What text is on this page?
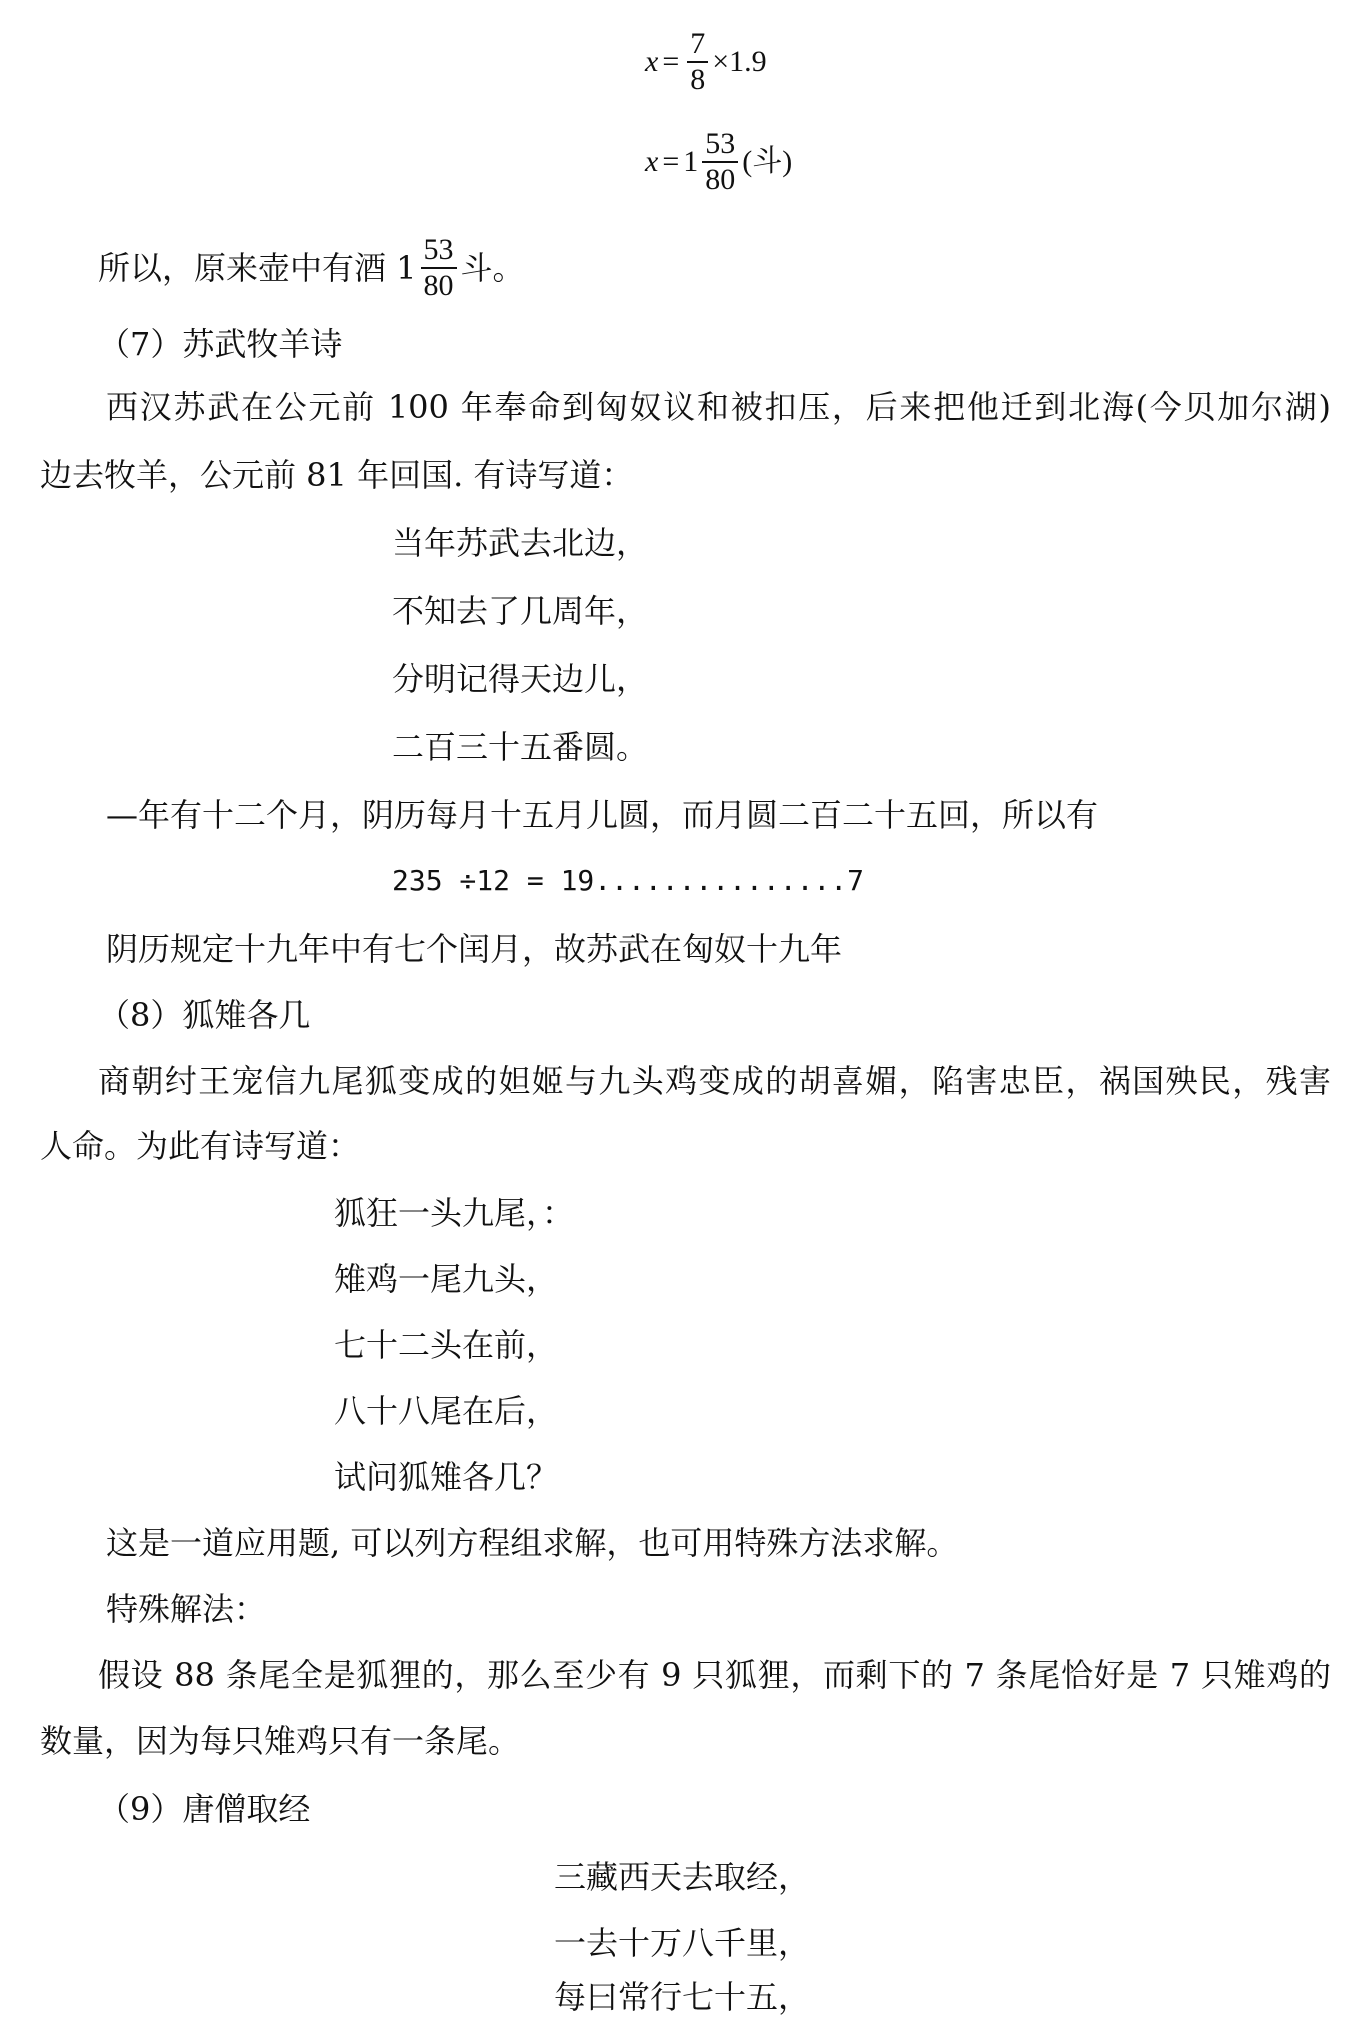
$x = \frac{7}{8} \times 1.9$
$x = 1 \frac{53}{80}$ (斗)
所以，原来壶中有酒 $1 \frac{53}{80}$ 斗。
（7）苏武牧羊诗
西汉苏武在公元前 100 年奉命到匈奴议和被扣压，后来把他迁到北海(今贝加尔湖)
边去牧羊，公元前 81 年回国. 有诗写道：
当年苏武去北边，
不知去了几周年，
分明记得天边儿，
二百三十五番圆。
—年有十二个月，阴历每月十五月儿圆，而月圆二百二十五回，所以有
235 ÷12 = 19...............7
阴历规定十九年中有七个闰月，故苏武在匈奴十九年
（8）狐雉各几
商朝纣王宠信九尾狐变成的妲姬与九头鸡变成的胡喜媚，陷害忠臣，祸国殃民，残害
人命。为此有诗写道：
狐狂一头九尾，：
雉鸡一尾九头，
七十二头在前，
八十八尾在后，
试问狐雉各几？
这是一道应用题, 可以列方程组求解，也可用特殊方法求解。
特殊解法：
假设 88 条尾全是狐狸的，那么至少有 9 只狐狸，而剩下的 7 条尾恰好是 7 只雉鸡的
数量，因为每只雉鸡只有一条尾。
（9）唐僧取经
三藏西天去取经，
一去十万八千里，
每曰常行七十五，
